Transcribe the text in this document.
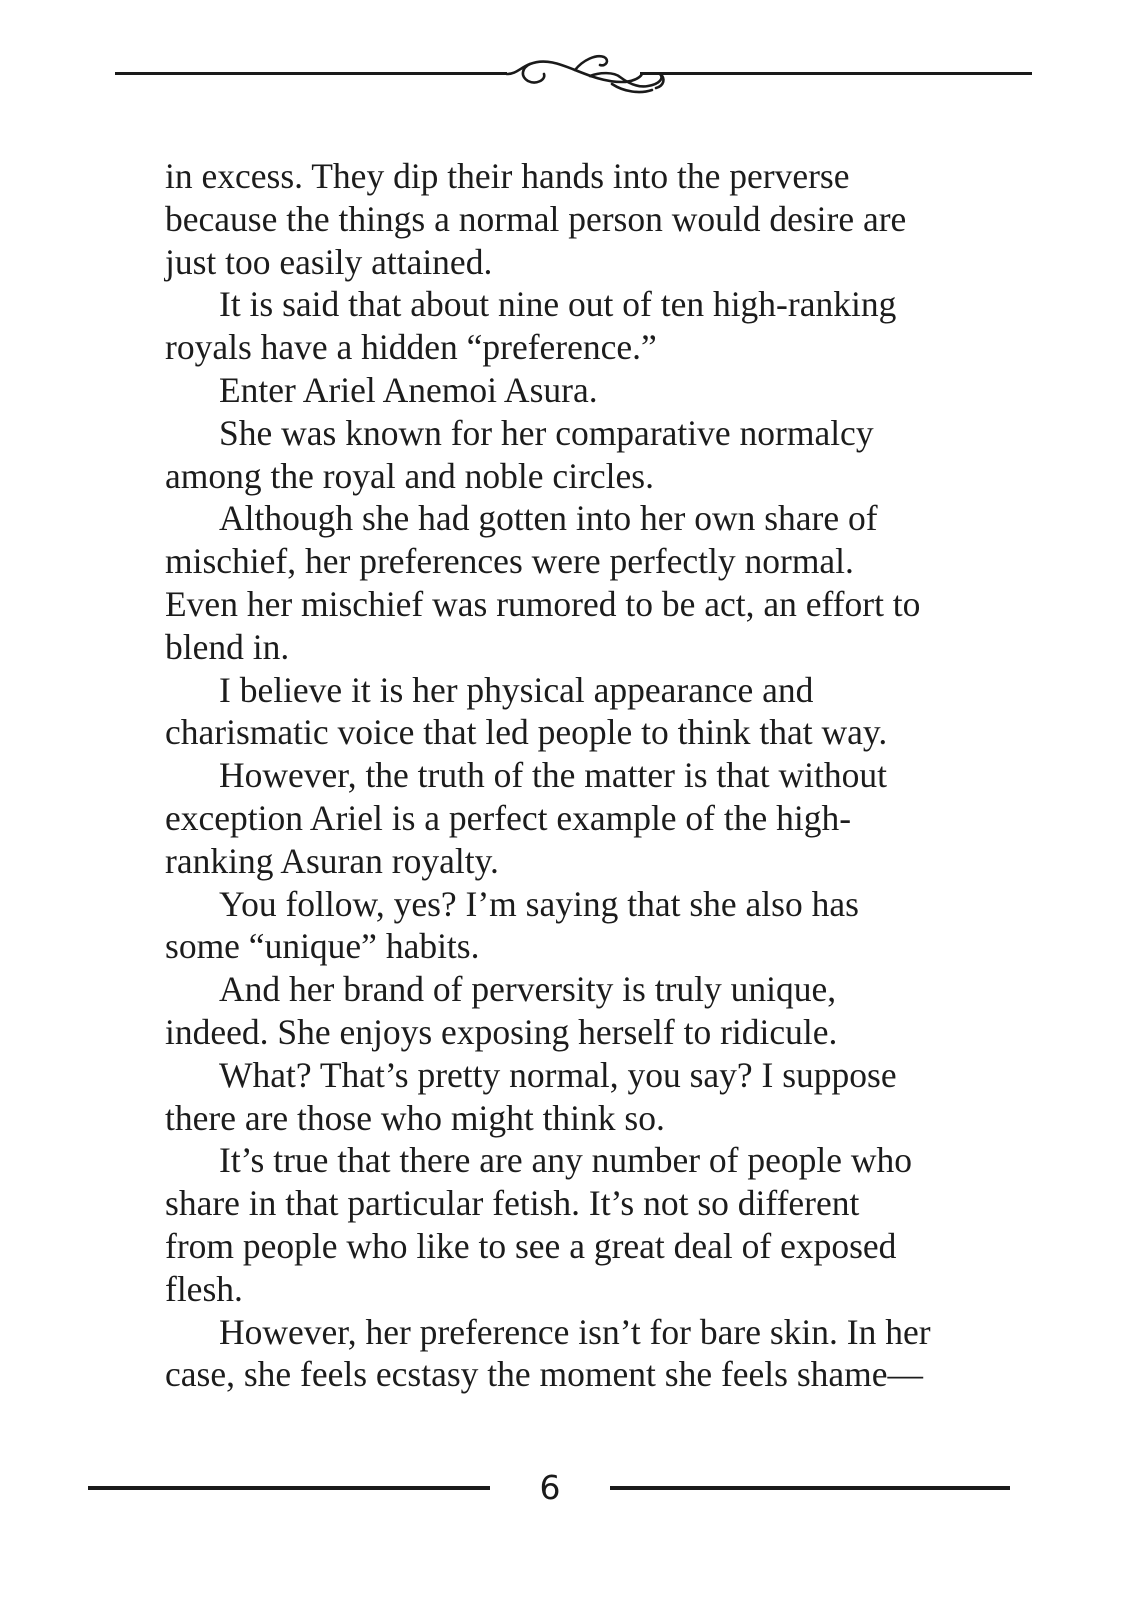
in excess. They dip their hands into the perverse
because the things a normal person would desire are
just too easily attained.
It is said that about nine out of ten high-ranking
royals have a hidden “preference.”
Enter Ariel Anemoi Asura.
She was known for her comparative normalcy
among the royal and noble circles.
Although she had gotten into her own share of
mischief, her preferences were perfectly normal.
Even her mischief was rumored to be act, an effort to
blend in.
I believe it is her physical appearance and
charismatic voice that led people to think that way.
However, the truth of the matter is that without
exception Ariel is a perfect example of the high-
ranking Asuran royalty.
You follow, yes? I’m saying that she also has
some “unique” habits.
And her brand of perversity is truly unique,
indeed. She enjoys exposing herself to ridicule.
What? That’s pretty normal, you say? I suppose
there are those who might think so.
It’s true that there are any number of people who
share in that particular fetish. It’s not so different
from people who like to see a great deal of exposed
flesh.
However, her preference isn’t for bare skin. In her
case, she feels ecstasy the moment she feels shame—
6
